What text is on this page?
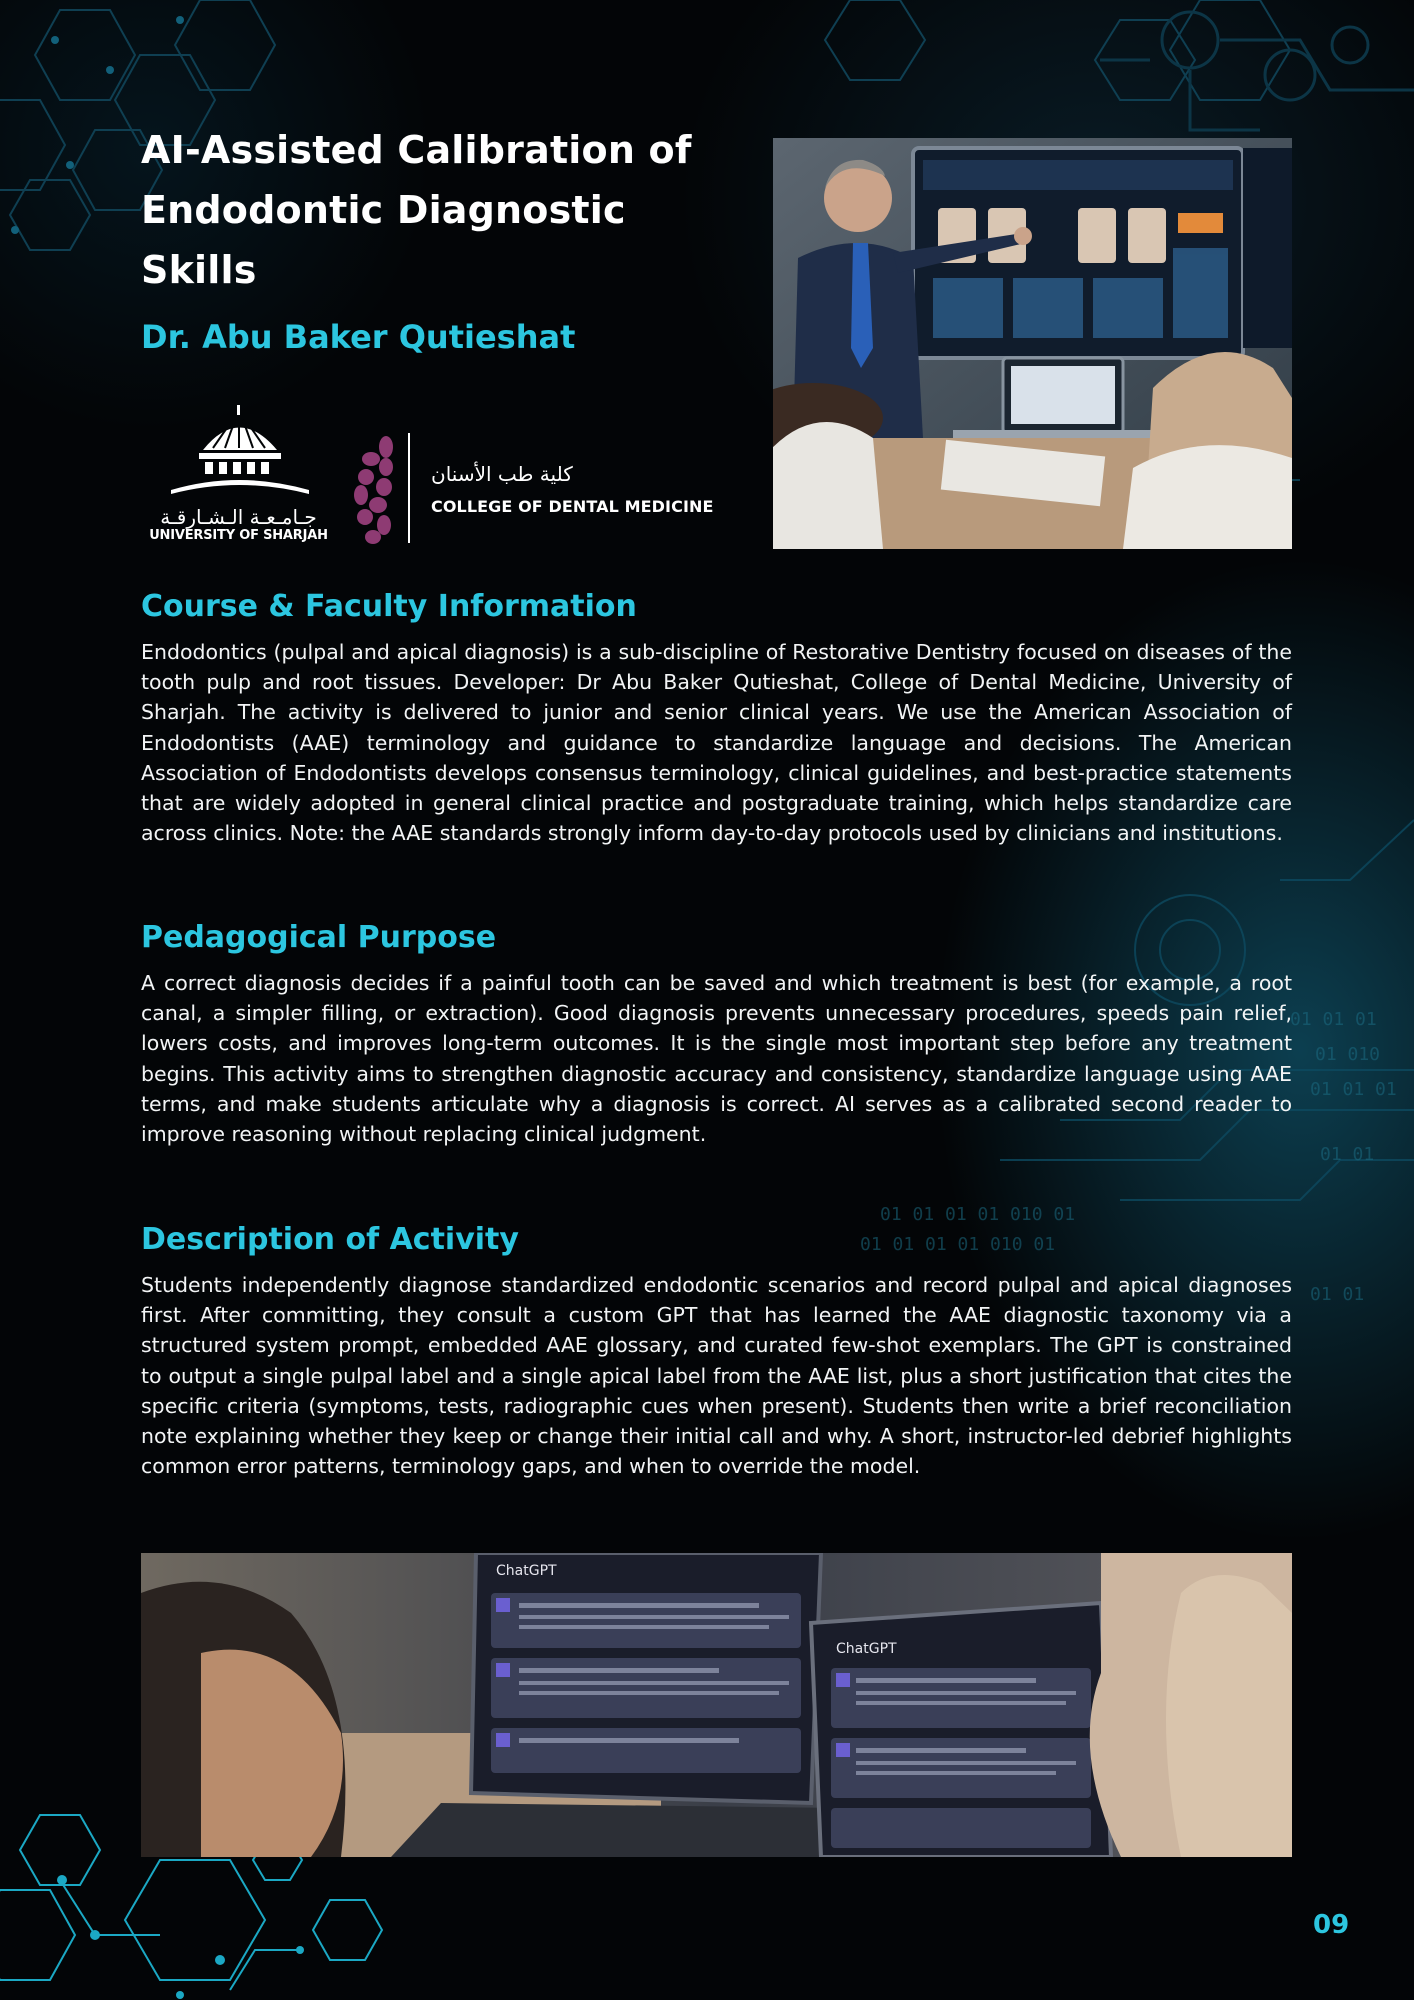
01 01 01
01 010
01 01 01
01 01
01 01 01 01 010 01
01 01 01 01 010 01
01 01
AI-Assisted Calibration of Endodontic Diagnostic Skills
Dr. Abu Baker Qutieshat
جـامـعـة الـشـارقـة
UNIVERSITY OF SHARJAH
كلية طب الأسنان
COLLEGE OF DENTAL MEDICINE
Course & Faculty Information

Endodontics (pulpal and apical diagnosis) is a sub-discipline of Restorative Dentistry focused on diseases of the tooth pulp and root tissues. Developer: Dr Abu Baker Qutieshat, College of Dental Medicine, University of Sharjah. The activity is delivered to junior and senior clinical years. We use the American Association of Endodontists (AAE) terminology and guidance to standardize language and decisions. The American Association of Endodontists develops consensus terminology, clinical guidelines, and best-practice statements that are widely adopted in general clinical practice and postgraduate training, which helps standardize care across clinics. Note: the AAE standards strongly inform day-to-day protocols used by clinicians and institutions.

Pedagogical Purpose

A correct diagnosis decides if a painful tooth can be saved and which treatment is best (for example, a root canal, a simpler filling, or extraction). Good diagnosis prevents unnecessary procedures, speeds pain relief, lowers costs, and improves long-term outcomes. It is the single most important step before any treatment begins. This activity aims to strengthen diagnostic accuracy and consistency, standardize language using AAE terms, and make students articulate why a diagnosis is correct. AI serves as a calibrated second reader to improve reasoning without replacing clinical judgment.

Description of Activity

Students independently diagnose standardized endodontic scenarios and record pulpal and apical diagnoses first. After committing, they consult a custom GPT that has learned the AAE diagnostic taxonomy via a structured system prompt, embedded AAE glossary, and curated few-shot exemplars. The GPT is constrained to output a single pulpal label and a single apical label from the AAE list, plus a short justification that cites the specific criteria (symptoms, tests, radiographic cues when present). Students then write a brief reconciliation note explaining whether they keep or change their initial call and why. A short, instructor-led debrief highlights common error patterns, terminology gaps, and when to override the model.

ChatGPT
ChatGPT
09
